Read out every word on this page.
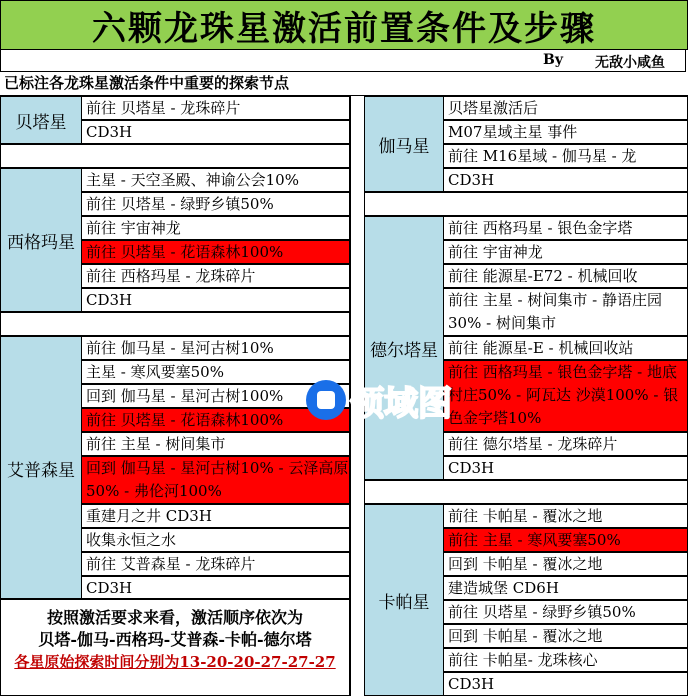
六颗龙珠星激活前置条件及步骤
By 无敌小咸鱼
已标注各龙珠星激活条件中重要的探索节点
贝塔星
前往 贝塔星 - 龙珠碎片
CD3H
西格玛星
主星 - 天空圣殿、神谕公会10%
前往 贝塔星 - 绿野乡镇50%
前往 宇宙神龙
前往 贝塔星 - 花语森林100%
前往 西格玛星 - 龙珠碎片
CD3H
艾普森星
前往 伽马星 - 星河古树10%
主星 - 寒风要塞50%
回到 伽马星 - 星河古树100%
前往 贝塔星 - 花语森林100%
前往 主星 - 树间集市
回到 伽马星 - 星河古树10% - 云泽高原50% - 弗伦河100%
重建月之井 CD3H
收集永恒之水
前往 艾普森星 - 龙珠碎片
CD3H
按照激活要求来看，激活顺序依次为
贝塔-伽马-西格玛-艾普森-卡帕-德尔塔
各星原始探索时间分别为13-20-20-27-27-27
伽马星
贝塔星激活后
M07星域主星 事件
前往 M16星域 - 伽马星 - 龙
CD3H
德尔塔星
前往 西格玛星 - 银色金字塔
前往 宇宙神龙
前往 能源星-E72 - 机械回收
前往 主星 - 树间集市 - 静语庄园30% - 树间集市
前往 能源星-E - 机械回收站
前往 西格玛星 - 银色金字塔 - 地底村庄50% - 阿瓦达 沙漠100% - 银色金字塔10%
前往 德尔塔星 - 龙珠碎片
CD3H
卡帕星
前往 卡帕星 - 覆冰之地
前往 主星 - 寒风要塞50%
回到 卡帕星 - 覆冰之地
建造城堡 CD6H
前往 贝塔星 - 绿野乡镇50%
回到 卡帕星 - 覆冰之地
前往 卡帕星- 龙珠核心
CD3H
领域图
